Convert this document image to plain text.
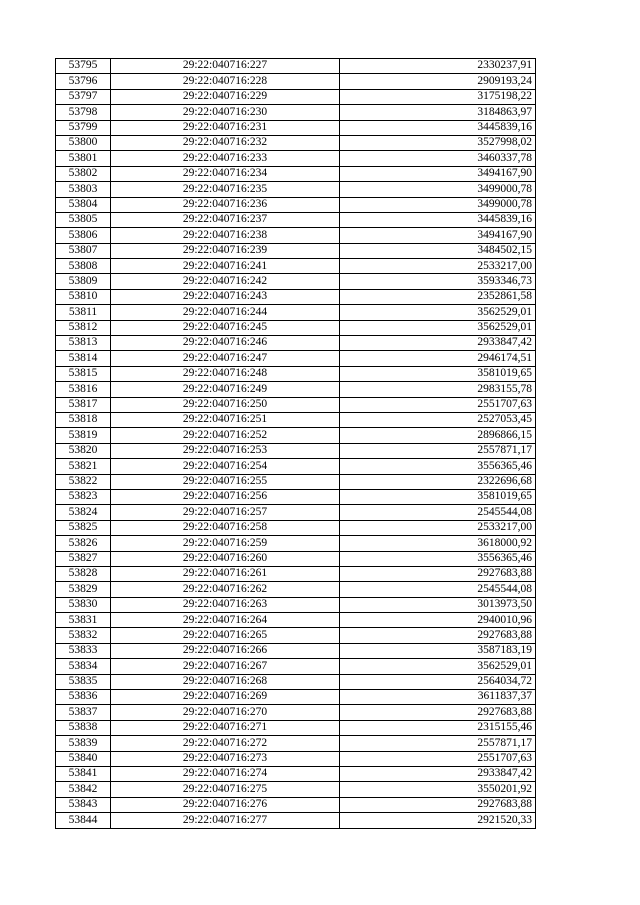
53795	29:22:040716:227	2330237,91
53796	29:22:040716:228	2909193,24
53797	29:22:040716:229	3175198,22
53798	29:22:040716:230	3184863,97
53799	29:22:040716:231	3445839,16
53800	29:22:040716:232	3527998,02
53801	29:22:040716:233	3460337,78
53802	29:22:040716:234	3494167,90
53803	29:22:040716:235	3499000,78
53804	29:22:040716:236	3499000,78
53805	29:22:040716:237	3445839,16
53806	29:22:040716:238	3494167,90
53807	29:22:040716:239	3484502,15
53808	29:22:040716:241	2533217,00
53809	29:22:040716:242	3593346,73
53810	29:22:040716:243	2352861,58
53811	29:22:040716:244	3562529,01
53812	29:22:040716:245	3562529,01
53813	29:22:040716:246	2933847,42
53814	29:22:040716:247	2946174,51
53815	29:22:040716:248	3581019,65
53816	29:22:040716:249	2983155,78
53817	29:22:040716:250	2551707,63
53818	29:22:040716:251	2527053,45
53819	29:22:040716:252	2896866,15
53820	29:22:040716:253	2557871,17
53821	29:22:040716:254	3556365,46
53822	29:22:040716:255	2322696,68
53823	29:22:040716:256	3581019,65
53824	29:22:040716:257	2545544,08
53825	29:22:040716:258	2533217,00
53826	29:22:040716:259	3618000,92
53827	29:22:040716:260	3556365,46
53828	29:22:040716:261	2927683,88
53829	29:22:040716:262	2545544,08
53830	29:22:040716:263	3013973,50
53831	29:22:040716:264	2940010,96
53832	29:22:040716:265	2927683,88
53833	29:22:040716:266	3587183,19
53834	29:22:040716:267	3562529,01
53835	29:22:040716:268	2564034,72
53836	29:22:040716:269	3611837,37
53837	29:22:040716:270	2927683,88
53838	29:22:040716:271	2315155,46
53839	29:22:040716:272	2557871,17
53840	29:22:040716:273	2551707,63
53841	29:22:040716:274	2933847,42
53842	29:22:040716:275	3550201,92
53843	29:22:040716:276	2927683,88
53844	29:22:040716:277	2921520,33
